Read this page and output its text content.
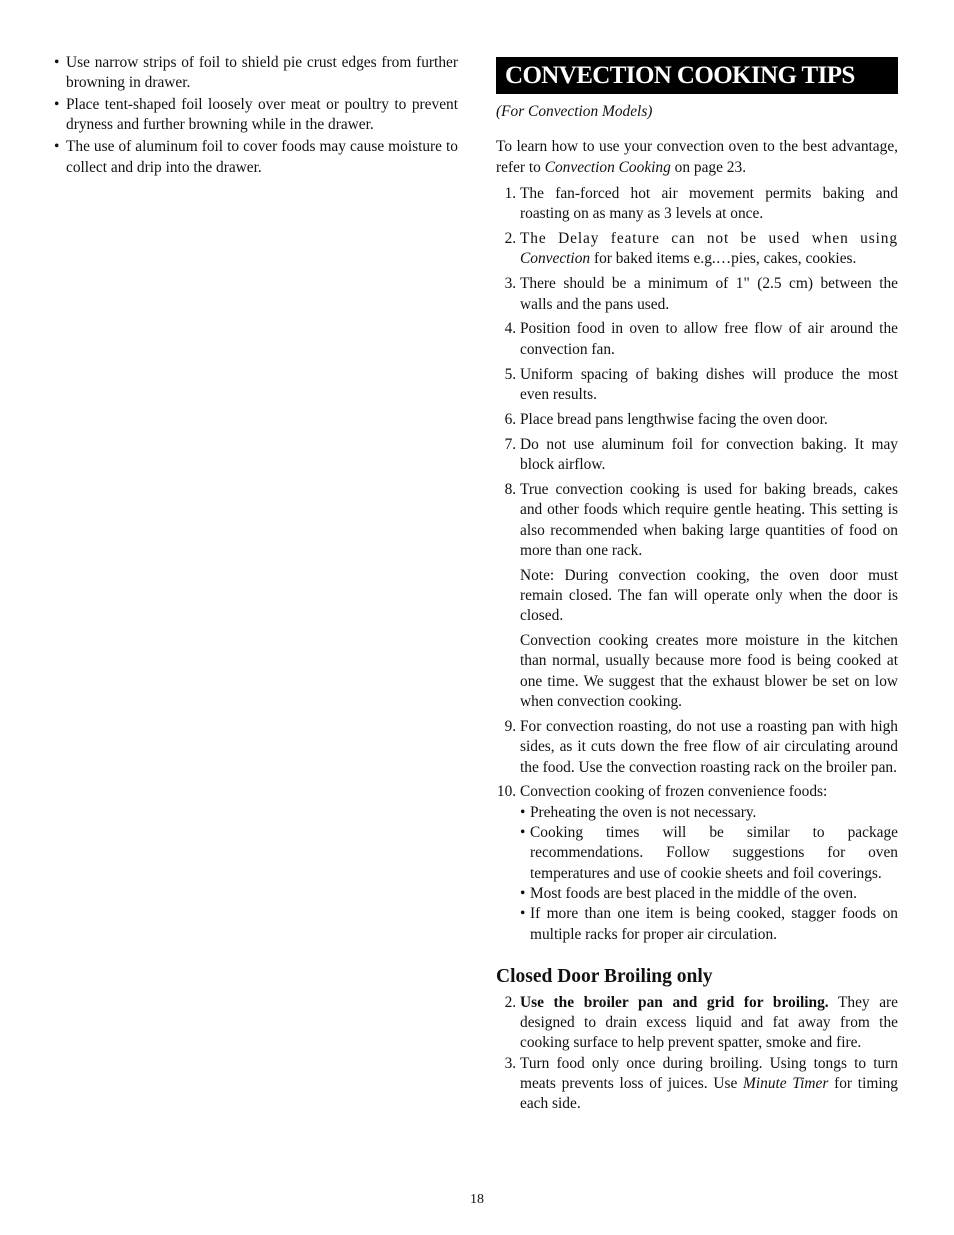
• Use narrow strips of foil to shield pie crust edges from further browning in drawer.
• Place tent-shaped foil loosely over meat or poultry to prevent dryness and further browning while in the drawer.
• The use of aluminum foil to cover foods may cause moisture to collect and drip into the drawer.
CONVECTION COOKING TIPS

(For Convection Models)

To learn how to use your convection oven to the best advantage, refer to Convection Cooking on page 23.

1. The fan-forced hot air movement permits baking and roasting on as many as 3 levels at once.

2. The Delay feature can not be used when using Convection for baked items e.g.…pies, cakes, cookies.

3. There should be a minimum of 1" (2.5 cm) between the walls and the pans used.

4. Position food in oven to allow free flow of air around the convection fan.

5. Uniform spacing of baking dishes will produce the most even results.

6. Place bread pans lengthwise facing the oven door.

7. Do not use aluminum foil for convection baking. It may block airflow.

8. True convection cooking is used for baking breads, cakes and other foods which require gentle heating. This setting is also recommended when baking large quantities of food on more than one rack.

Note: During convection cooking, the oven door must remain closed. The fan will operate only when the door is closed.

Convection cooking creates more moisture in the kitchen than normal, usually because more food is being cooked at one time. We suggest that the exhaust blower be set on low when convection cooking.

9. For convection roasting, do not use a roasting pan with high sides, as it cuts down the free flow of air circulating around the food. Use the convection roasting rack on the broiler pan.

10. Convection cooking of frozen convenience foods:

• Preheating the oven is not necessary.
• Cooking times will be similar to package recommendations. Follow suggestions for oven temperatures and use of cookie sheets and foil coverings.
• Most foods are best placed in the middle of the oven.
• If more than one item is being cooked, stagger foods on multiple racks for proper air circulation.
Closed Door Broiling only
2. Use the broiler pan and grid for broiling. They are designed to drain excess liquid and fat away from the cooking surface to help prevent spatter, smoke and fire.

3. Turn food only once during broiling. Using tongs to turn meats prevents loss of juices. Use Minute Timer for timing each side.

18
